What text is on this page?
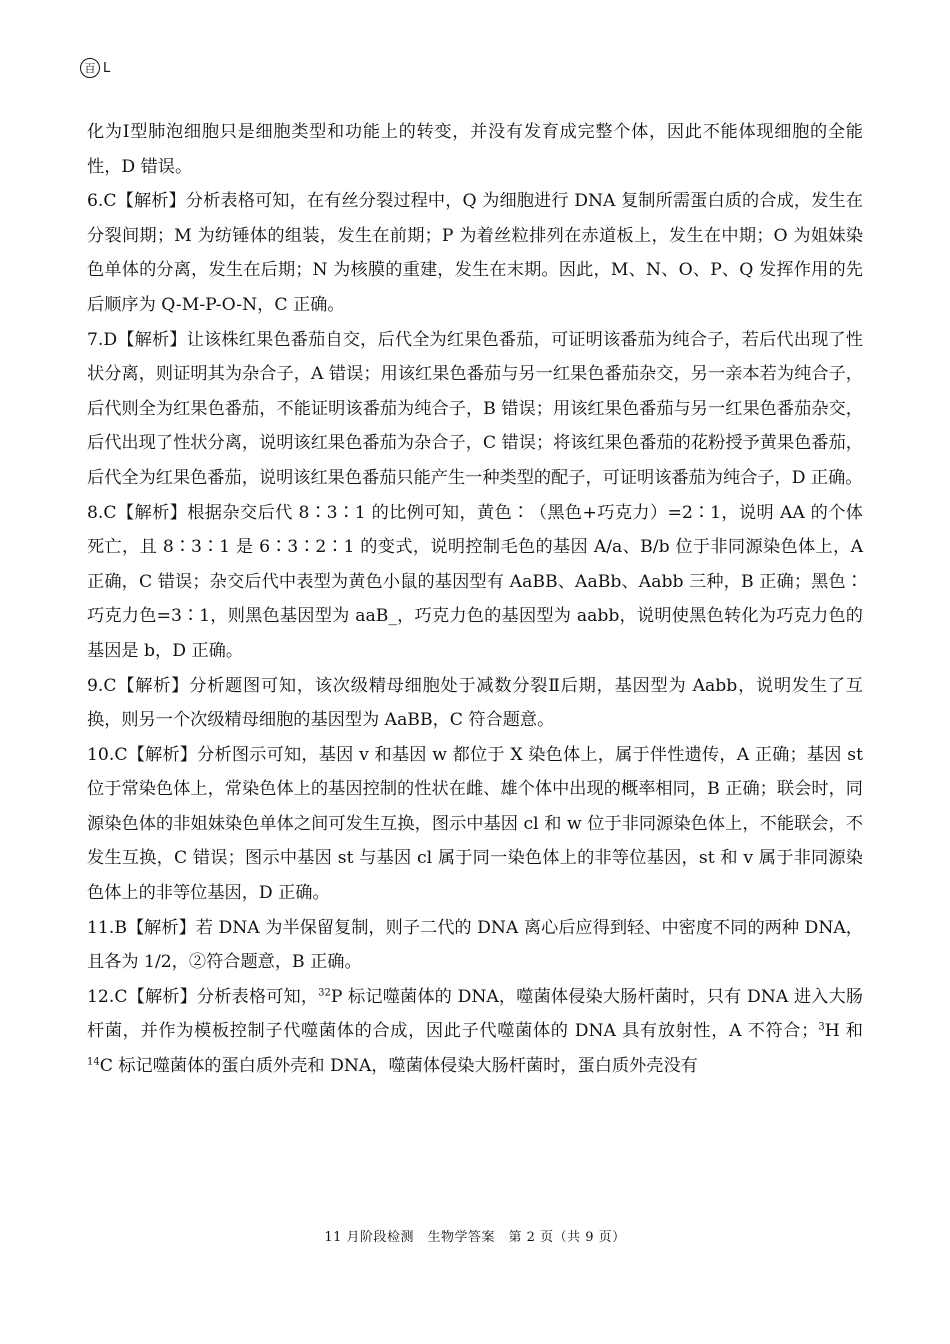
百 L

化为Ⅰ型肺泡细胞只是细胞类型和功能上的转变，并没有发育成完整个体，因此不能体现细胞的全能性，D 错误。

6.C【解析】分析表格可知，在有丝分裂过程中，Q 为细胞进行 DNA 复制所需蛋白质的合成，发生在分裂间期；M 为纺锤体的组装，发生在前期；P 为着丝粒排列在赤道板上，发生在中期；O 为姐妹染色单体的分离，发生在后期；N 为核膜的重建，发生在末期。因此，M、N、O、P、Q 发挥作用的先后顺序为 Q-M-P-O-N，C 正确。

7.D【解析】让该株红果色番茄自交，后代全为红果色番茄，可证明该番茄为纯合子，若后代出现了性状分离，则证明其为杂合子，A 错误；用该红果色番茄与另一红果色番茄杂交，另一亲本若为纯合子，后代则全为红果色番茄，不能证明该番茄为纯合子，B 错误；用该红果色番茄与另一红果色番茄杂交，后代出现了性状分离，说明该红果色番茄为杂合子，C 错误；将该红果色番茄的花粉授予黄果色番茄，后代全为红果色番茄，说明该红果色番茄只能产生一种类型的配子，可证明该番茄为纯合子，D 正确。

8.C【解析】根据杂交后代 8∶3∶1 的比例可知，黄色∶（黑色+巧克力）=2∶1，说明 AA 的个体死亡，且 8∶3∶1 是 6∶3∶2∶1 的变式，说明控制毛色的基因 A/a、B/b 位于非同源染色体上，A 正确，C 错误；杂交后代中表型为黄色小鼠的基因型有 AaBB、AaBb、Aabb 三种，B 正确；黑色∶巧克力色=3∶1，则黑色基因型为 aaB_，巧克力色的基因型为 aabb，说明使黑色转化为巧克力色的基因是 b，D 正确。

9.C【解析】分析题图可知，该次级精母细胞处于减数分裂Ⅱ后期，基因型为 Aabb，说明发生了互换，则另一个次级精母细胞的基因型为 AaBB，C 符合题意。

10.C【解析】分析图示可知，基因 v 和基因 w 都位于 X 染色体上，属于伴性遗传，A 正确；基因 st 位于常染色体上，常染色体上的基因控制的性状在雌、雄个体中出现的概率相同，B 正确；联会时，同源染色体的非姐妹染色单体之间可发生互换，图示中基因 cl 和 w 位于非同源染色体上，不能联会，不发生互换，C 错误；图示中基因 st 与基因 cl 属于同一染色体上的非等位基因，st 和 v 属于非同源染色体上的非等位基因，D 正确。

11.B【解析】若 DNA 为半保留复制，则子二代的 DNA 离心后应得到轻、中密度不同的两种 DNA，且各为 1/2，②符合题意，B 正确。

12.C【解析】分析表格可知，$^{32}$P 标记噬菌体的 DNA，噬菌体侵染大肠杆菌时，只有 DNA 进入大肠杆菌，并作为模板控制子代噬菌体的合成，因此子代噬菌体的 DNA 具有放射性，A 不符合；$^3$H 和 $^{14}$C 标记噬菌体的蛋白质外壳和 DNA，噬菌体侵染大肠杆菌时，蛋白质外壳没有

11 月阶段检测　生物学答案　第 2 页（共 9 页）
